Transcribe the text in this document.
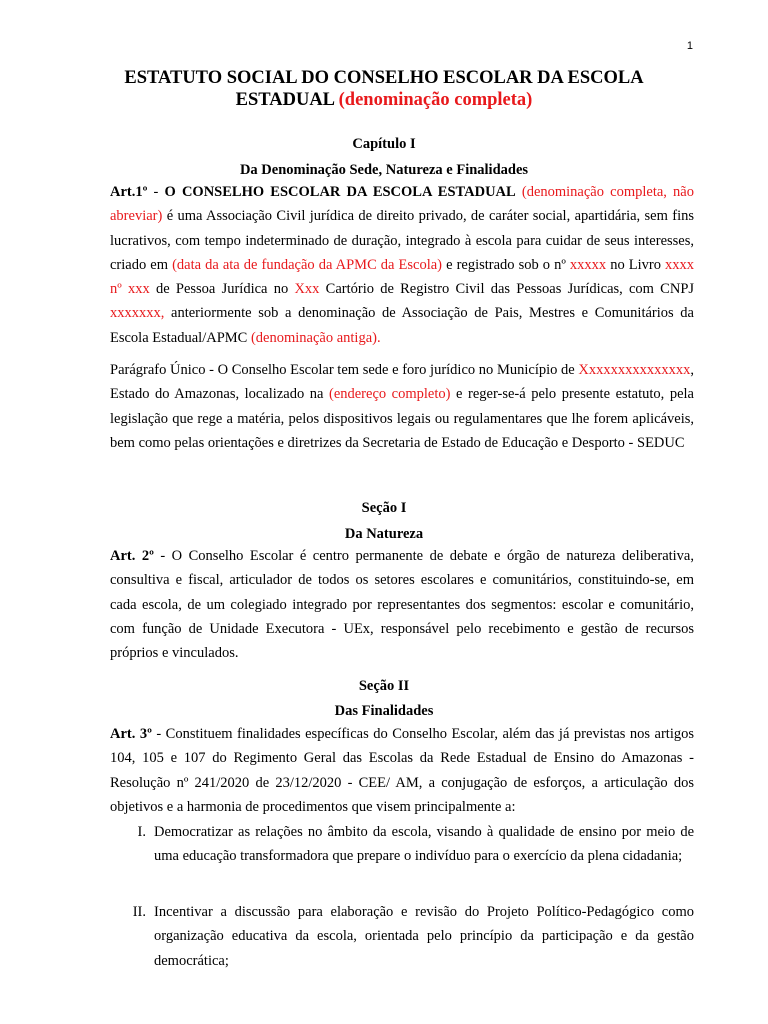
1
ESTATUTO SOCIAL DO CONSELHO ESCOLAR DA ESCOLA ESTADUAL (denominação completa)
Capítulo I
Da Denominação Sede, Natureza e Finalidades

Art.1º - O CONSELHO ESCOLAR DA ESCOLA ESTADUAL (denominação completa, não abreviar) é uma Associação Civil jurídica de direito privado, de caráter social, apartidária, sem fins lucrativos, com tempo indeterminado de duração, integrado à escola para cuidar de seus interesses, criado em (data da ata de fundação da APMC da Escola) e registrado sob o nº xxxxx no Livro xxxx nº xxx de Pessoa Jurídica no Xxx Cartório de Registro Civil das Pessoas Jurídicas, com CNPJ xxxxxxx, anteriormente sob a denominação de Associação de Pais, Mestres e Comunitários da Escola Estadual/APMC (denominação antiga).

Parágrafo Único - O Conselho Escolar tem sede e foro jurídico no Município de Xxxxxxxxxxxxxxx, Estado do Amazonas, localizado na (endereço completo) e reger-se-á pelo presente estatuto, pela legislação que rege a matéria, pelos dispositivos legais ou regulamentares que lhe forem aplicáveis, bem como pelas orientações e diretrizes da Secretaria de Estado de Educação e Desporto - SEDUC

Seção I
Da Natureza

Art. 2º - O Conselho Escolar é centro permanente de debate e órgão de natureza deliberativa, consultiva e fiscal, articulador de todos os setores escolares e comunitários, constituindo-se, em cada escola, de um colegiado integrado por representantes dos segmentos: escolar e comunitário, com função de Unidade Executora - UEx, responsável pelo recebimento e gestão de recursos próprios e vinculados.

Seção II
Das Finalidades

Art. 3º - Constituem finalidades específicas do Conselho Escolar, além das já previstas nos artigos 104, 105 e 107 do Regimento Geral das Escolas da Rede Estadual de Ensino do Amazonas - Resolução nº 241/2020 de 23/12/2020 - CEE/ AM, a conjugação de esforços, a articulação dos objetivos e a harmonia de procedimentos que visem principalmente a:

I. Democratizar as relações no âmbito da escola, visando à qualidade de ensino por meio de uma educação transformadora que prepare o indivíduo para o exercício da plena cidadania;
II. Incentivar a discussão para elaboração e revisão do Projeto Político-Pedagógico como organização educativa da escola, orientada pelo princípio da participação e da gestão democrática;
